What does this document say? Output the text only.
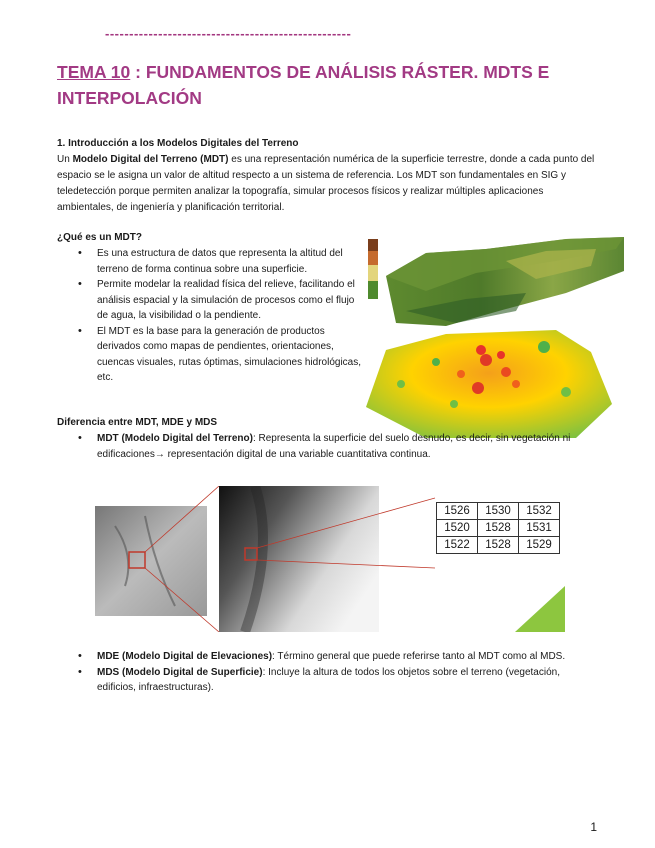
---------------------------------------------------
TEMA 10 : FUNDAMENTOS DE ANÁLISIS RÁSTER. MDTS E INTERPOLACIÓN
1. Introducción a los Modelos Digitales del Terreno
Un Modelo Digital del Terreno (MDT) es una representación numérica de la superficie terrestre, donde a cada punto del espacio se le asigna un valor de altitud respecto a un sistema de referencia. Los MDT son fundamentales en SIG y teledetección porque permiten analizar la topografía, simular procesos físicos y realizar múltiples aplicaciones ambientales, de ingeniería y planificación territorial.
¿Qué es un MDT?
• Es una estructura de datos que representa la altitud del terreno de forma continua sobre una superficie.
• Permite modelar la realidad física del relieve, facilitando el análisis espacial y la simulación de procesos como el flujo de agua, la visibilidad o la pendiente.
• El MDT es la base para la generación de productos derivados como mapas de pendientes, orientaciones, cuencas visuales, rutas óptimas, simulaciones hidrológicas, etc.
Diferencia entre MDT, MDE y MDS
• MDT (Modelo Digital del Terreno): Representa la superficie del suelo desnudo, es decir, sin vegetación ni edificaciones→ representación digital de una variable cuantitativa continua.
1526	1530	1532
1520	1528	1531
1522	1528	1529
• MDE (Modelo Digital de Elevaciones): Término general que puede referirse tanto al MDT como al MDS.
• MDS (Modelo Digital de Superficie): Incluye la altura de todos los objetos sobre el terreno (vegetación, edificios, infraestructuras).
1
